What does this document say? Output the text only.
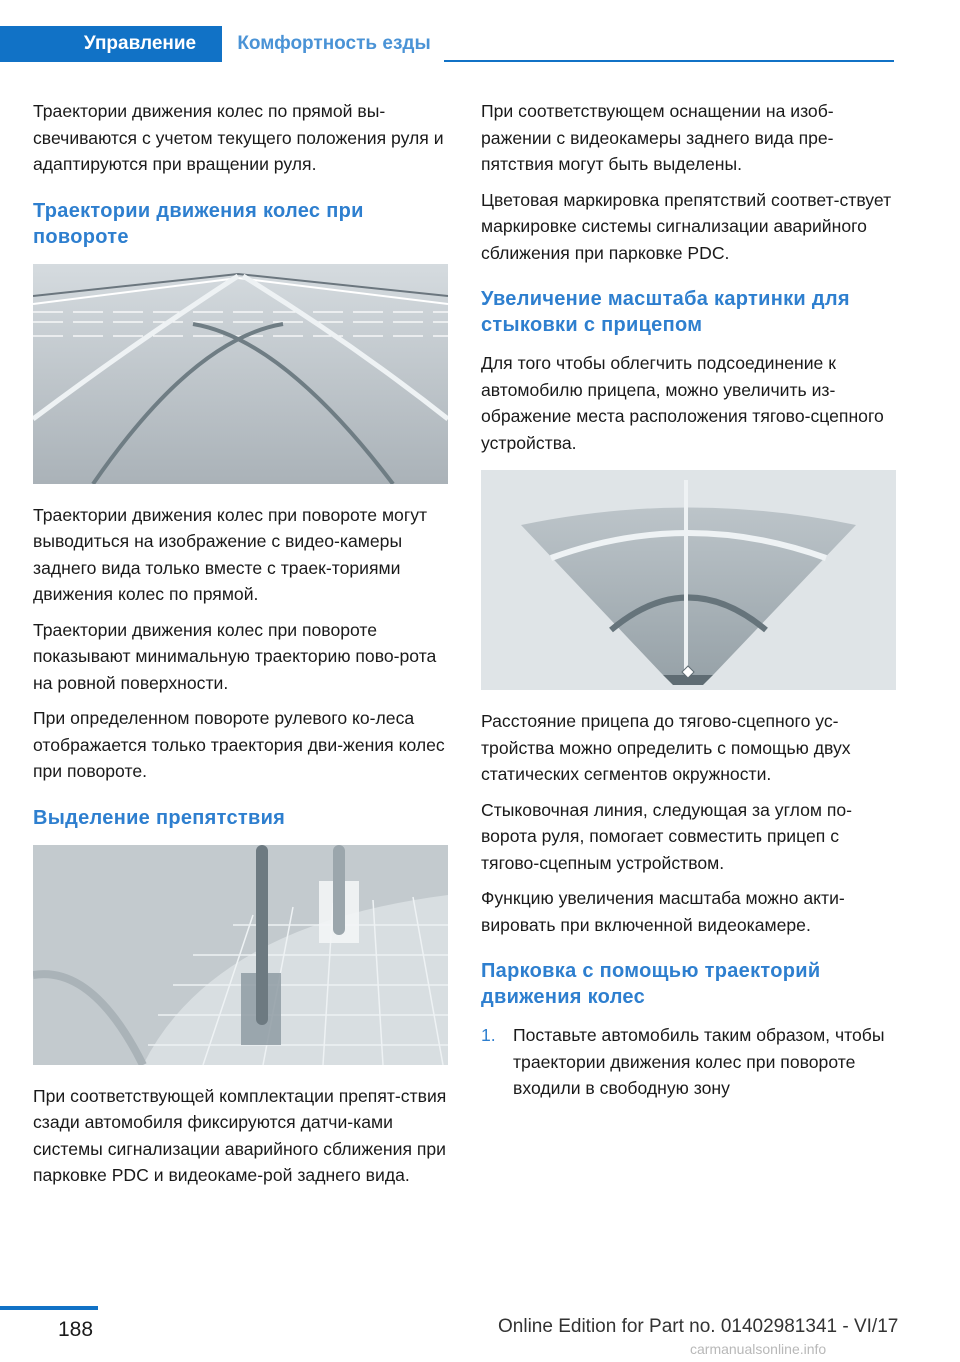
Управление	Комфортность езды

Траектории движения колес по прямой вы-свечиваются с учетом текущего положения руля и адаптируются при вращении руля.

Траектории движения колес при повороте

Траектории движения колес при повороте могут выводиться на изображение с видео-камеры заднего вида только вместе с траек-ториями движения колес по прямой.

Траектории движения колес при повороте показывают минимальную траекторию пово-рота на ровной поверхности.

При определенном повороте рулевого ко-леса отображается только траектория дви-жения колес при повороте.

Выделение препятствия

При соответствующей комплектации препят-ствия сзади автомобиля фиксируются датчи-ками системы сигнализации аварийного сближения при парковке PDC и видеокаме-рой заднего вида.

При соответствующем оснащении на изоб-ражении с видеокамеры заднего вида пре-пятствия могут быть выделены.

Цветовая маркировка препятствий соответ-ствует маркировке системы сигнализации аварийного сближения при парковке PDC.

Увеличение масштаба картинки для стыковки с прицепом

Для того чтобы облегчить подсоединение к автомобилю прицепа, можно увеличить из-ображение места расположения тягово-сцепного устройства.

Расстояние прицепа до тягово-сцепного ус-тройства можно определить с помощью двух статических сегментов окружности.

Стыковочная линия, следующая за углом по-ворота руля, помогает совместить прицеп с тягово-сцепным устройством.

Функцию увеличения масштаба можно акти-вировать при включенной видеокамере.

Парковка с помощью траекторий движения колес
1. Поставьте автомобиль таким образом, чтобы траектории движения колес при повороте входили в свободную зону
188	Online Edition for Part no. 01402981341 - VI/17
carmanualsonline.info
